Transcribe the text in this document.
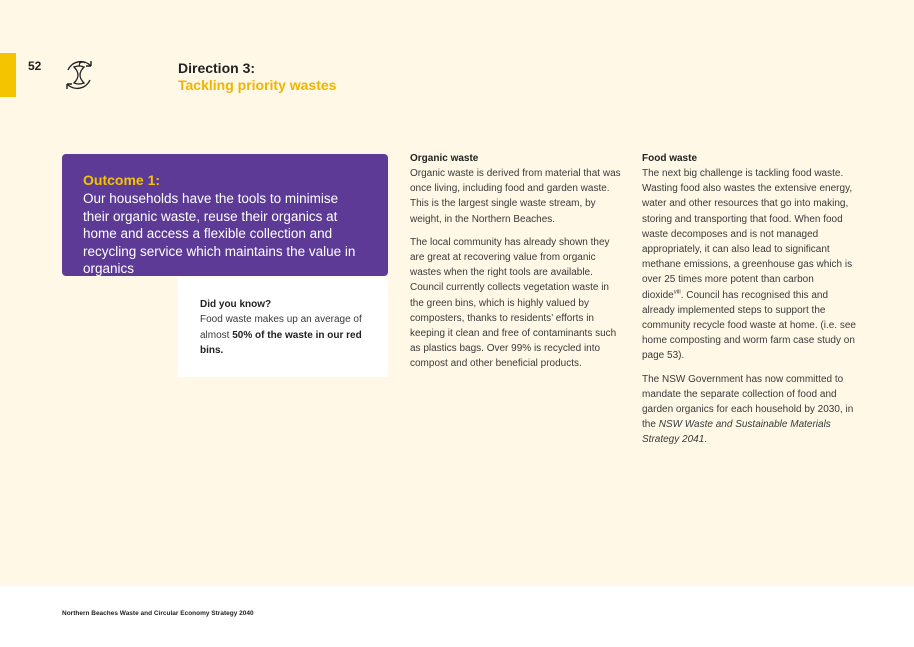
52	Direction 3:
Tackling priority wastes
Outcome 1:
Our households have the tools to minimise their organic waste, reuse their organics at home and access a flexible collection and recycling service which maintains the value in organics
Did you know?
Food waste makes up an average of almost 50% of the waste in our red bins.
Organic waste

Organic waste is derived from material that was once living, including food and garden waste. This is the largest single waste stream, by weight, in the Northern Beaches.

The local community has already shown they are great at recovering value from organic wastes when the right tools are available. Council currently collects vegetation waste in the green bins, which is highly valued by composters, thanks to residents’ efforts in keeping it clean and free of contaminants such as plastics bags. Over 99% is recycled into compost and other beneficial products.

Food waste

The next big challenge is tackling food waste. Wasting food also wastes the extensive energy, water and other resources that go into making, storing and transporting that food. When food waste decomposes and is not managed appropriately, it can also lead to significant methane emissions, a greenhouse gas which is over 25 times more potent than carbon dioxide$^{viii}$. Council has recognised this and already implemented steps to support the community recycle food waste at home. (i.e. see home composting and worm farm case study on page 53).

The NSW Government has now committed to mandate the separate collection of food and garden organics for each household by 2030, in the NSW Waste and Sustainable Materials Strategy 2041.

Northern Beaches Waste and Circular Economy Strategy 2040
